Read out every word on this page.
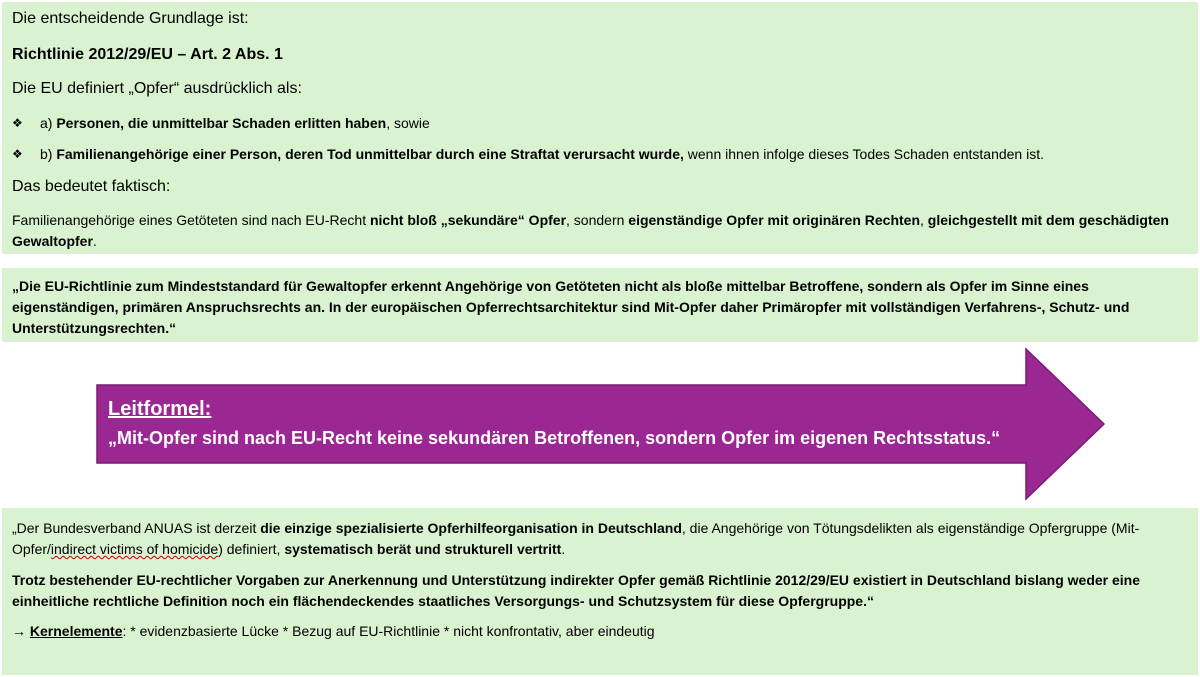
Die entscheidende Grundlage ist:
Richtlinie 2012/29/EU – Art. 2 Abs. 1
Die EU definiert „Opfer“ ausdrücklich als:
❖ a) Personen, die unmittelbar Schaden erlitten haben, sowie
❖ b) Familienangehörige einer Person, deren Tod unmittelbar durch eine Straftat verursacht wurde, wenn ihnen infolge dieses Todes Schaden entstanden ist.
Das bedeutet faktisch:
Familienangehörige eines Getöteten sind nach EU-Recht nicht bloß „sekundäre“ Opfer, sondern eigenständige Opfer mit originären Rechten, gleichgestellt mit dem geschädigten Gewaltopfer.
„Die EU-Richtlinie zum Mindeststandard für Gewaltopfer erkennt Angehörige von Getöteten nicht als bloße mittelbar Betroffene, sondern als Opfer im Sinne eines eigenständigen, primären Anspruchsrechts an. In der europäischen Opferrechtsarchitektur sind Mit-Opfer daher Primäropfer mit vollständigen Verfahrens-, Schutz- und Unterstützungsrechten.“
Leitformel:
„Mit-Opfer sind nach EU-Recht keine sekundären Betroffenen, sondern Opfer im eigenen Rechtsstatus.“
„Der Bundesverband ANUAS ist derzeit die einzige spezialisierte Opferhilfeorganisation in Deutschland, die Angehörige von Tötungsdelikten als eigenständige Opfergruppe (Mit-Opfer/indirect victims of homicide) definiert, systematisch berät und strukturell vertritt.
Trotz bestehender EU-rechtlicher Vorgaben zur Anerkennung und Unterstützung indirekter Opfer gemäß Richtlinie 2012/29/EU existiert in Deutschland bislang weder eine einheitliche rechtliche Definition noch ein flächendeckendes staatliches Versorgungs- und Schutzsystem für diese Opfergruppe.“
→ Kernelemente: * evidenzbasierte Lücke * Bezug auf EU-Richtlinie * nicht konfrontativ, aber eindeutig
